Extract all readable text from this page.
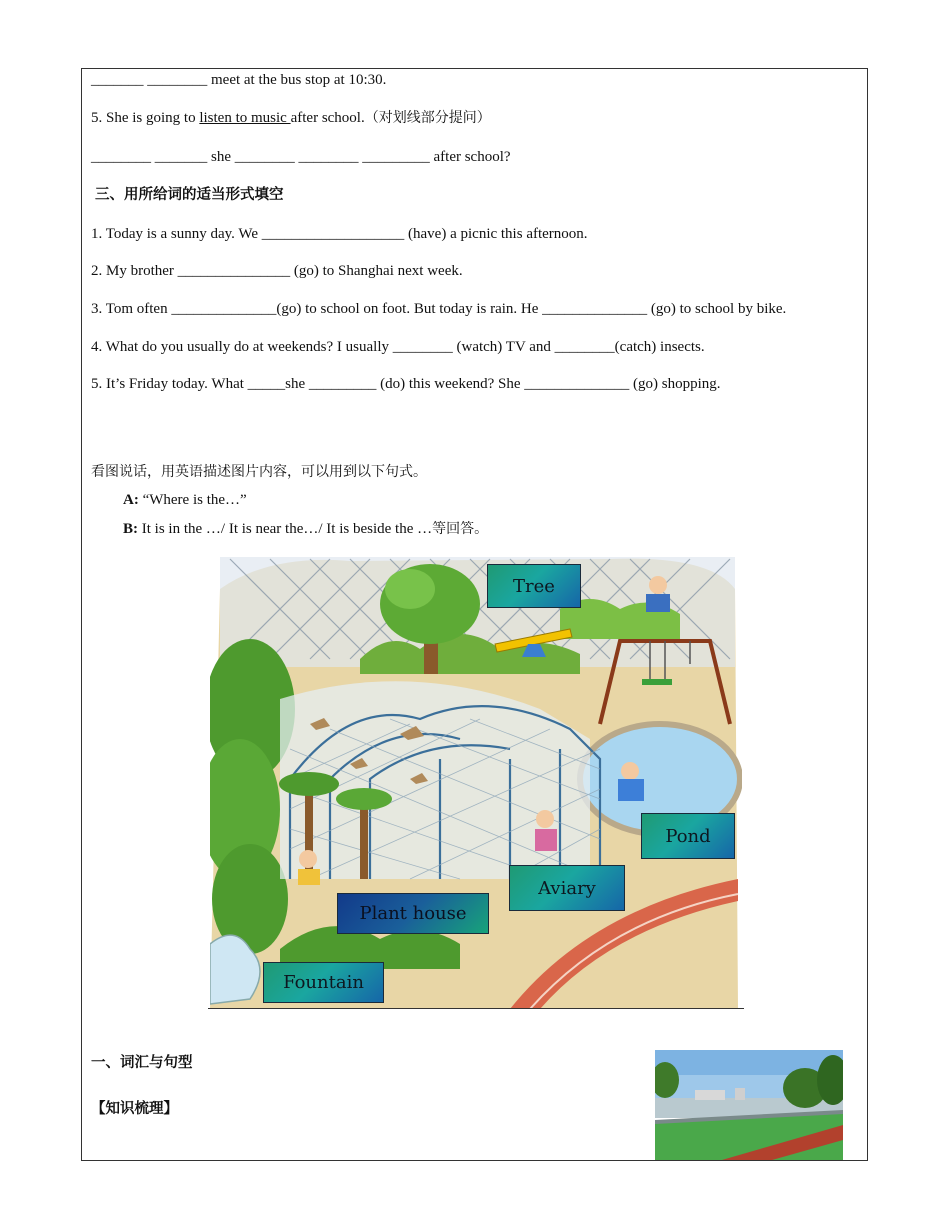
_______ ________ meet at the bus stop at 10:30.
5. She is going to listen to music after school.（对划线部分提问）
________ _______ she ________ ________ _________ after school?
三、用所给词的适当形式填空
1. Today is a sunny day. We ___________________ (have) a picnic this afternoon.
2. My brother _______________ (go) to Shanghai next week.
3. Tom often ______________(go) to school on foot. But today is rain. He ______________ (go) to school by bike.
4. What do you usually do at weekends? I usually ________ (watch) TV and ________(catch) insects.
5. It’s Friday today. What _____she _________ (do) this weekend? She ______________ (go) shopping.
看图说话，用英语描述图片内容，可以用到以下句式。
A: “Where is the…”
B: It is in the …/ It is near the…/ It is beside the …等回答。
Tree
Pond
Aviary
Plant house
Fountain
一、词汇与句型
【知识梳理】
